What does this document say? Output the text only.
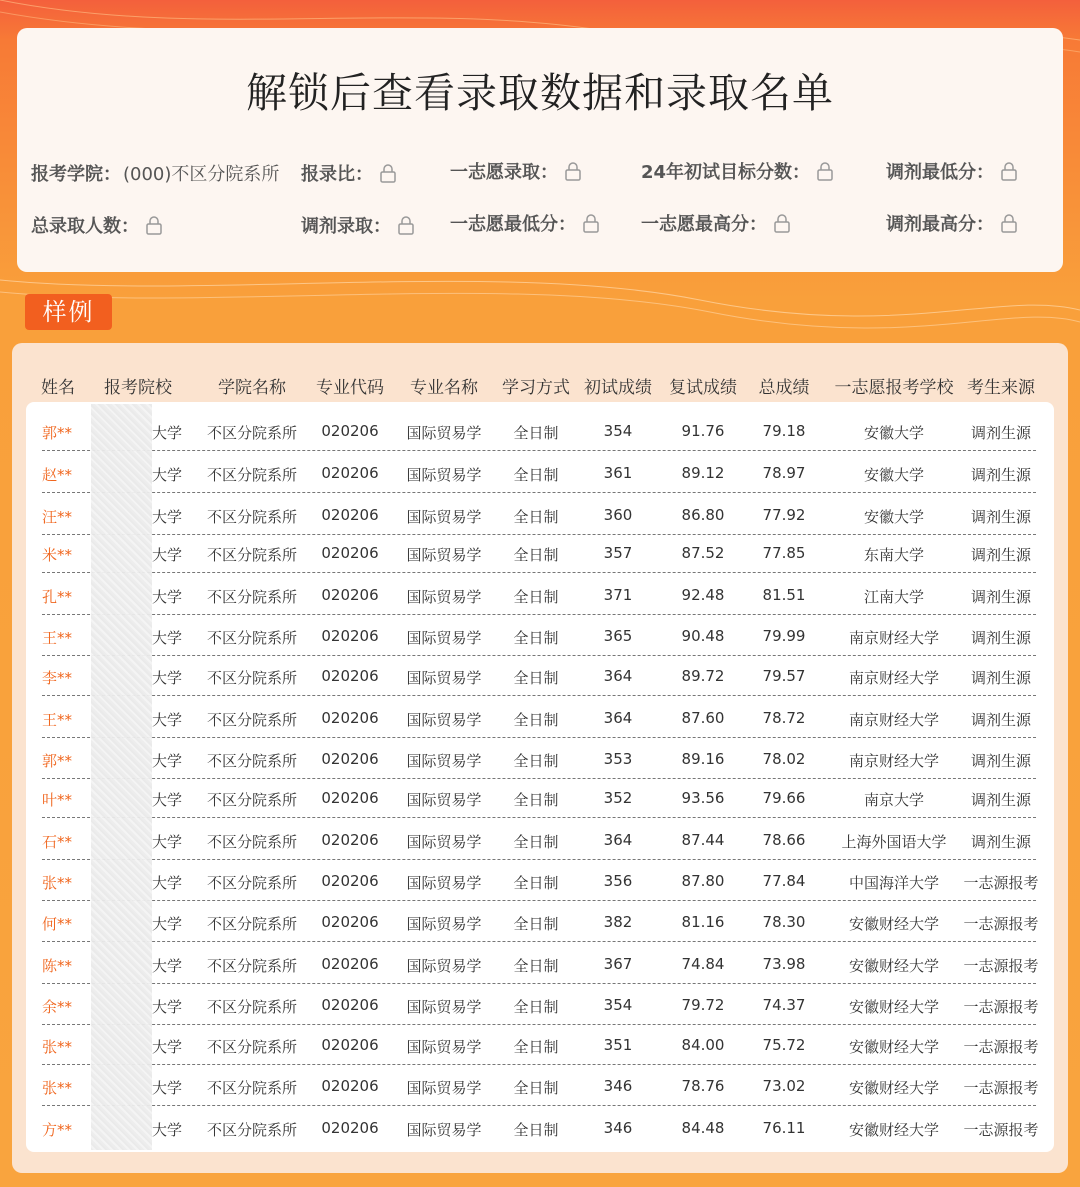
解锁后查看录取数据和录取名单
报考学院： (000)不区分院系所 报录比：	一志愿录取：	24年初试目标分数：	调剂最低分：
总录取人数：	调剂录取：	一志愿最低分：	一志愿最高分：	调剂最高分：
样例
姓名 报考院校	学院名称 专业代码 专业名称 学习方式 初试成绩 复试成绩 总成绩 一志愿报考学校 考生来源
郭**	大学 不区分院系所 020206 国际贸易学 全日制	354	91.76	79.18	安徽大学	调剂生源
赵**	大学 不区分院系所 020206 国际贸易学 全日制	361	89.12	78.97	安徽大学	调剂生源
汪**	大学 不区分院系所 020206 国际贸易学 全日制	360	86.80	77.92	安徽大学	调剂生源
米**	大学 不区分院系所 020206 国际贸易学 全日制	357	87.52	77.85	东南大学	调剂生源
孔**	大学 不区分院系所 020206 国际贸易学 全日制	371	92.48	81.51	江南大学	调剂生源
王**	大学 不区分院系所 020206 国际贸易学 全日制	365	90.48	79.99	南京财经大学 调剂生源
李**	大学 不区分院系所 020206 国际贸易学 全日制	364	89.72	79.57	南京财经大学 调剂生源
王**	大学 不区分院系所 020206 国际贸易学 全日制	364	87.60	78.72	南京财经大学 调剂生源
郭**	大学 不区分院系所 020206 国际贸易学 全日制	353	89.16	78.02	南京财经大学 调剂生源
叶**	大学 不区分院系所 020206 国际贸易学 全日制	352	93.56	79.66	南京大学	调剂生源
石**	大学 不区分院系所 020206 国际贸易学 全日制	364	87.44	78.66 上海外国语大学 调剂生源
张**	大学 不区分院系所 020206 国际贸易学 全日制	356	87.80	77.84	中国海洋大学 一志源报考
何**	大学 不区分院系所 020206 国际贸易学 全日制	382	81.16	78.30	安徽财经大学 一志源报考
陈**	大学 不区分院系所 020206 国际贸易学 全日制	367	74.84	73.98	安徽财经大学 一志源报考
余**	大学 不区分院系所 020206 国际贸易学 全日制	354	79.72	74.37	安徽财经大学 一志源报考
张**	大学 不区分院系所 020206 国际贸易学 全日制	351	84.00	75.72	安徽财经大学 一志源报考
张**	大学 不区分院系所 020206 国际贸易学 全日制	346	78.76	73.02	安徽财经大学 一志源报考
方**	大学 不区分院系所 020206 国际贸易学 全日制	346	84.48	76.11	安徽财经大学 一志源报考
